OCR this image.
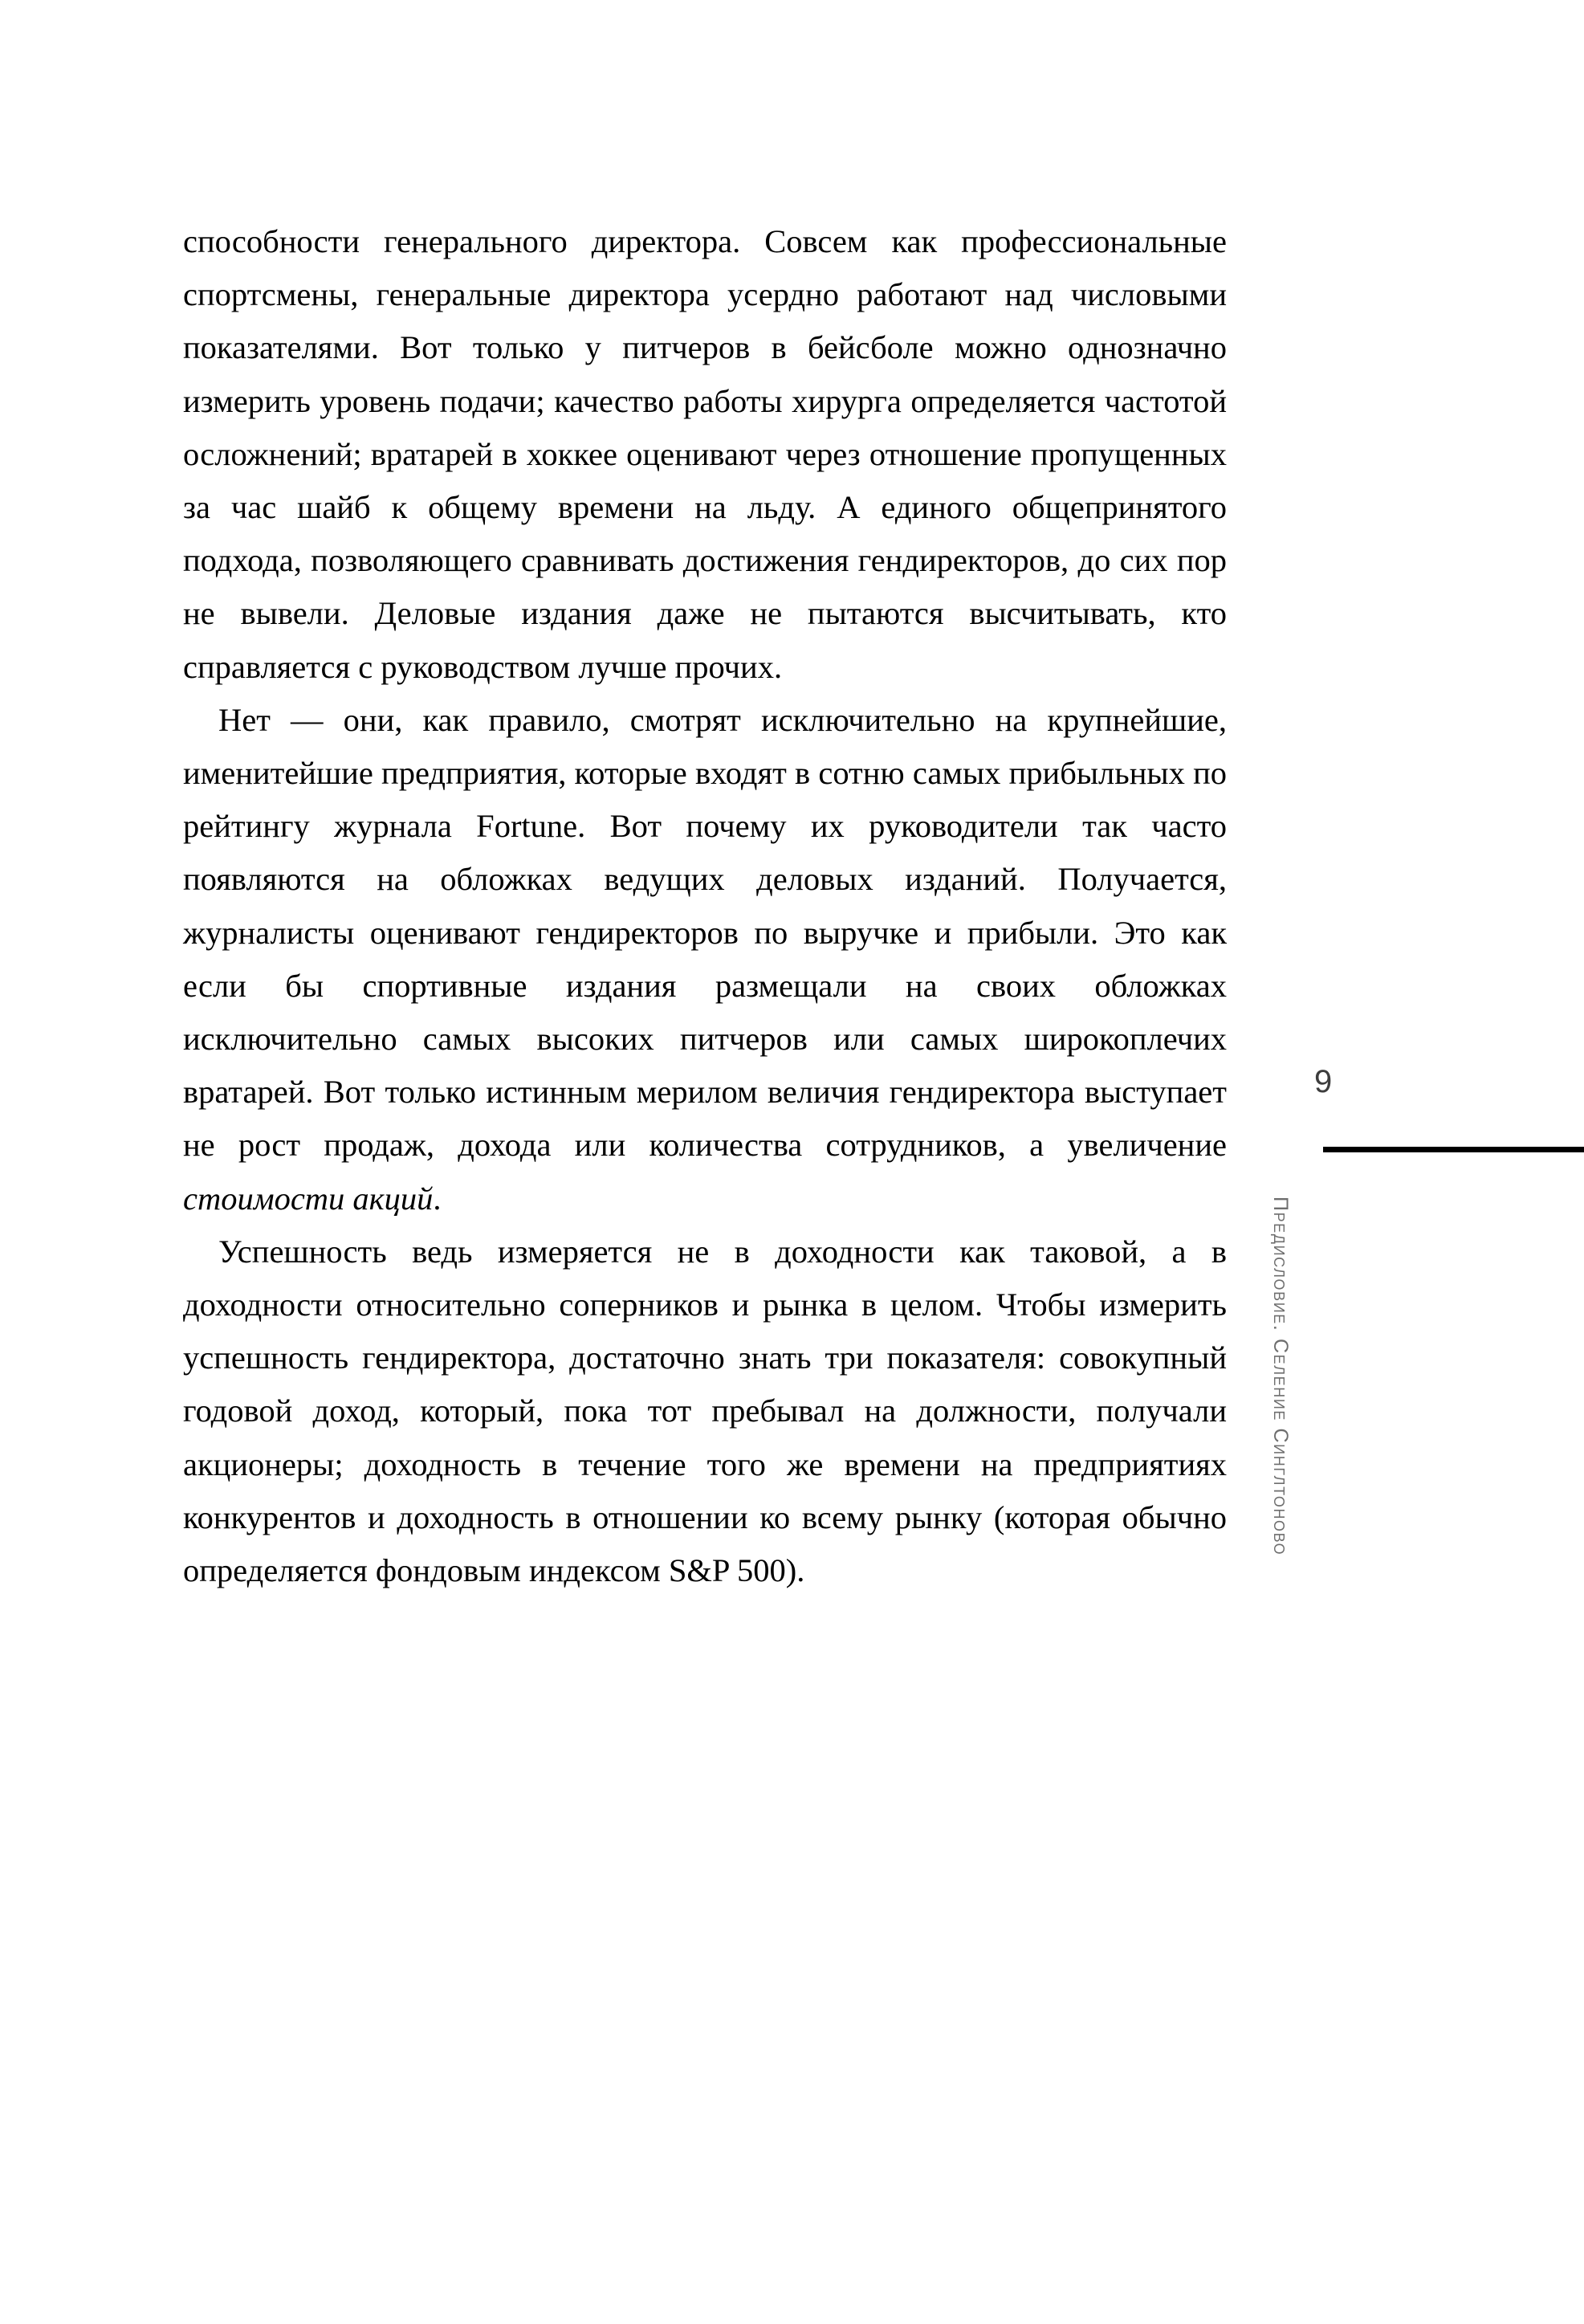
способности генерального директора. Совсем как профессиональные спортсмены, генеральные директора усердно работают над числовыми показателями. Вот только у питчеров в бейсболе можно однозначно измерить уровень подачи; качество работы хирурга определяется частотой осложнений; вратарей в хоккее оценивают через отношение пропущенных за час шайб к общему времени на льду. А единого общепринятого подхода, позволяющего сравнивать достижения гендиректоров, до сих пор не вывели. Деловые издания даже не пытаются высчитывать, кто справляется с руководством лучше прочих.

Нет — они, как правило, смотрят исключительно на крупнейшие, именитейшие предприятия, которые входят в сотню самых прибыльных по рейтингу журнала Fortune. Вот почему их руководители так часто появляются на обложках ведущих деловых изданий. Получается, журналисты оценивают гендиректоров по выручке и прибыли. Это как если бы спортивные издания размещали на своих обложках исключительно самых высоких питчеров или самых широкоплечих вратарей. Вот только истинным мерилом величия гендиректора выступает не рост продаж, дохода или количества сотрудников, а увеличение стоимости акций.

Успешность ведь измеряется не в доходности как таковой, а в доходности относительно соперников и рынка в целом. Чтобы измерить успешность гендиректора, достаточно знать три показателя: совокупный годовой доход, который, пока тот пребывал на должности, получали акционеры; доходность в течение того же времени на предприятиях конкурентов и доходность в отношении ко всему рынку (которая обычно определяется фондовым индексом S&P 500).

9
Предисловие. Селение Синглтоново
